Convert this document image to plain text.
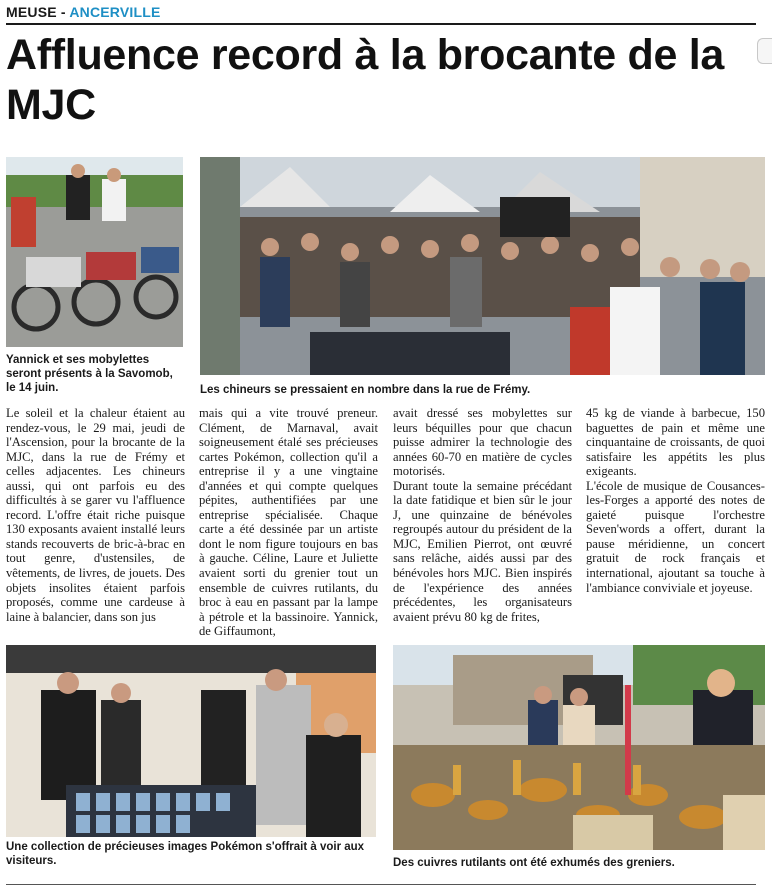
MEUSE - ANCERVILLE
Affluence record à la brocante de la MJC
Yannick et ses mobylettes seront présents à la Savomob, le 14 juin.	Les chineurs se pressaient en nombre dans la rue de Frémy.

Le soleil et la chaleur étaient au rendez-vous, le 29 mai, jeudi de l'Ascension, pour la brocante de la MJC, dans la rue de Frémy et celles adjacentes. Les chineurs aussi, qui ont parfois eu des difficultés à se garer vu l'affluence record. L'offre était riche puisque 130 exposants avaient installé leurs stands recouverts de bric-à-brac en tout genre, d'ustensiles, de vêtements, de livres, de jouets. Des objets insolites étaient parfois proposés, comme une cardeuse à laine à balancier, dans son jus

mais qui a vite trouvé preneur. Clément, de Marnaval, avait soigneusement étalé ses précieuses cartes Pokémon, collection qu'il a entreprise il y a une vingtaine d'années et qui compte quelques pépites, authentifiées par une entreprise spécialisée. Chaque carte a été dessinée par un artiste dont le nom figure toujours en bas à gauche. Céline, Laure et Juliette avaient sorti du grenier tout un ensemble de cuivres rutilants, du broc à eau en passant par la lampe à pétrole et la bassinoire. Yannick, de Giffaumont,

avait dressé ses mobylettes sur leurs béquilles pour que chacun puisse admirer la technologie des années 60-70 en matière de cycles motorisés.

Durant toute la semaine précédant la date fatidique et bien sûr le jour J, une quinzaine de bénévoles regroupés autour du président de la MJC, Emilien Pierrot, ont œuvré sans relâche, aidés aussi par des bénévoles hors MJC. Bien inspirés de l'expérience des années précédentes, les organisateurs avaient prévu 80 kg de frites,

45 kg de viande à barbecue, 150 baguettes de pain et même une cinquantaine de croissants, de quoi satisfaire les appétits les plus exigeants.

L'école de musique de Cousances-les-Forges a apporté des notes de gaieté puisque l'orchestre Seven'words a offert, durant la pause méridienne, un concert gratuit de rock français et international, ajoutant sa touche à l'ambiance conviviale et joyeuse.

Une collection de précieuses images Pokémon s'offrait à voir aux visiteurs.	Des cuivres rutilants ont été exhumés des greniers.
